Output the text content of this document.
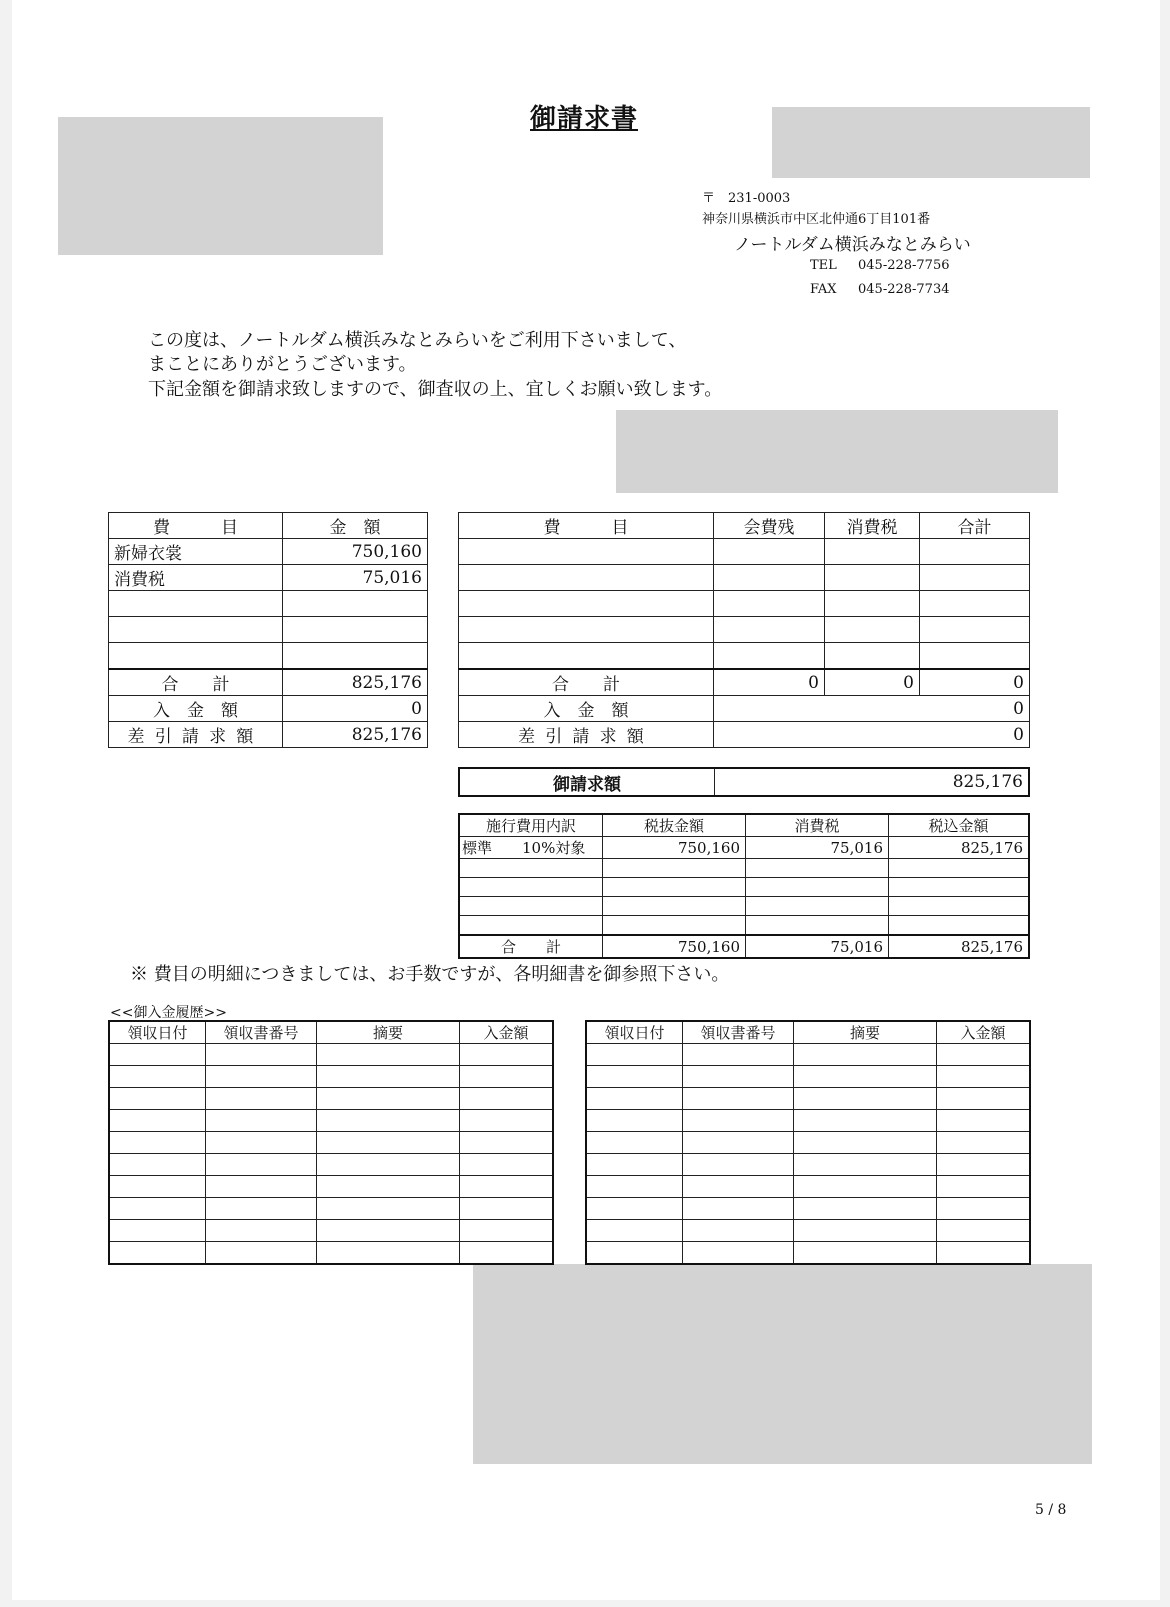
御請求書
〒　231-0003
神奈川県横浜市中区北仲通6丁目101番
ノートルダム横浜みなとみらい
TEL 045-228-7756
FAX 045-228-7734
この度は、ノートルダム横浜みなとみらいをご利用下さいまして、
まことにありがとうございます。
下記金額を御請求致しますので、御査収の上、宜しくお願い致します。
費　　　目	金　額
新婦衣裳	750,160
消費税	75,016

合　　計	825,176
入　金　額	0
差引請求額	825,176
費　　　目	会費残	消費税	合計

合　　計	0	0	0
入　金　額	0		
差引請求額	0		
御請求額	825,176
施行費用内訳	税抜金額	消費税	税込金額
標準　　10%対象	750,160	75,016	825,176

合　　計	750,160	75,016	825,176
※ 費目の明細につきましては、お手数ですが、各明細書を御参照下さい。
<<御入金履歴>>
領収日付	領収書番号	摘要	入金額

				領収日付	領収書番号	摘要	入金額

5 / 8
